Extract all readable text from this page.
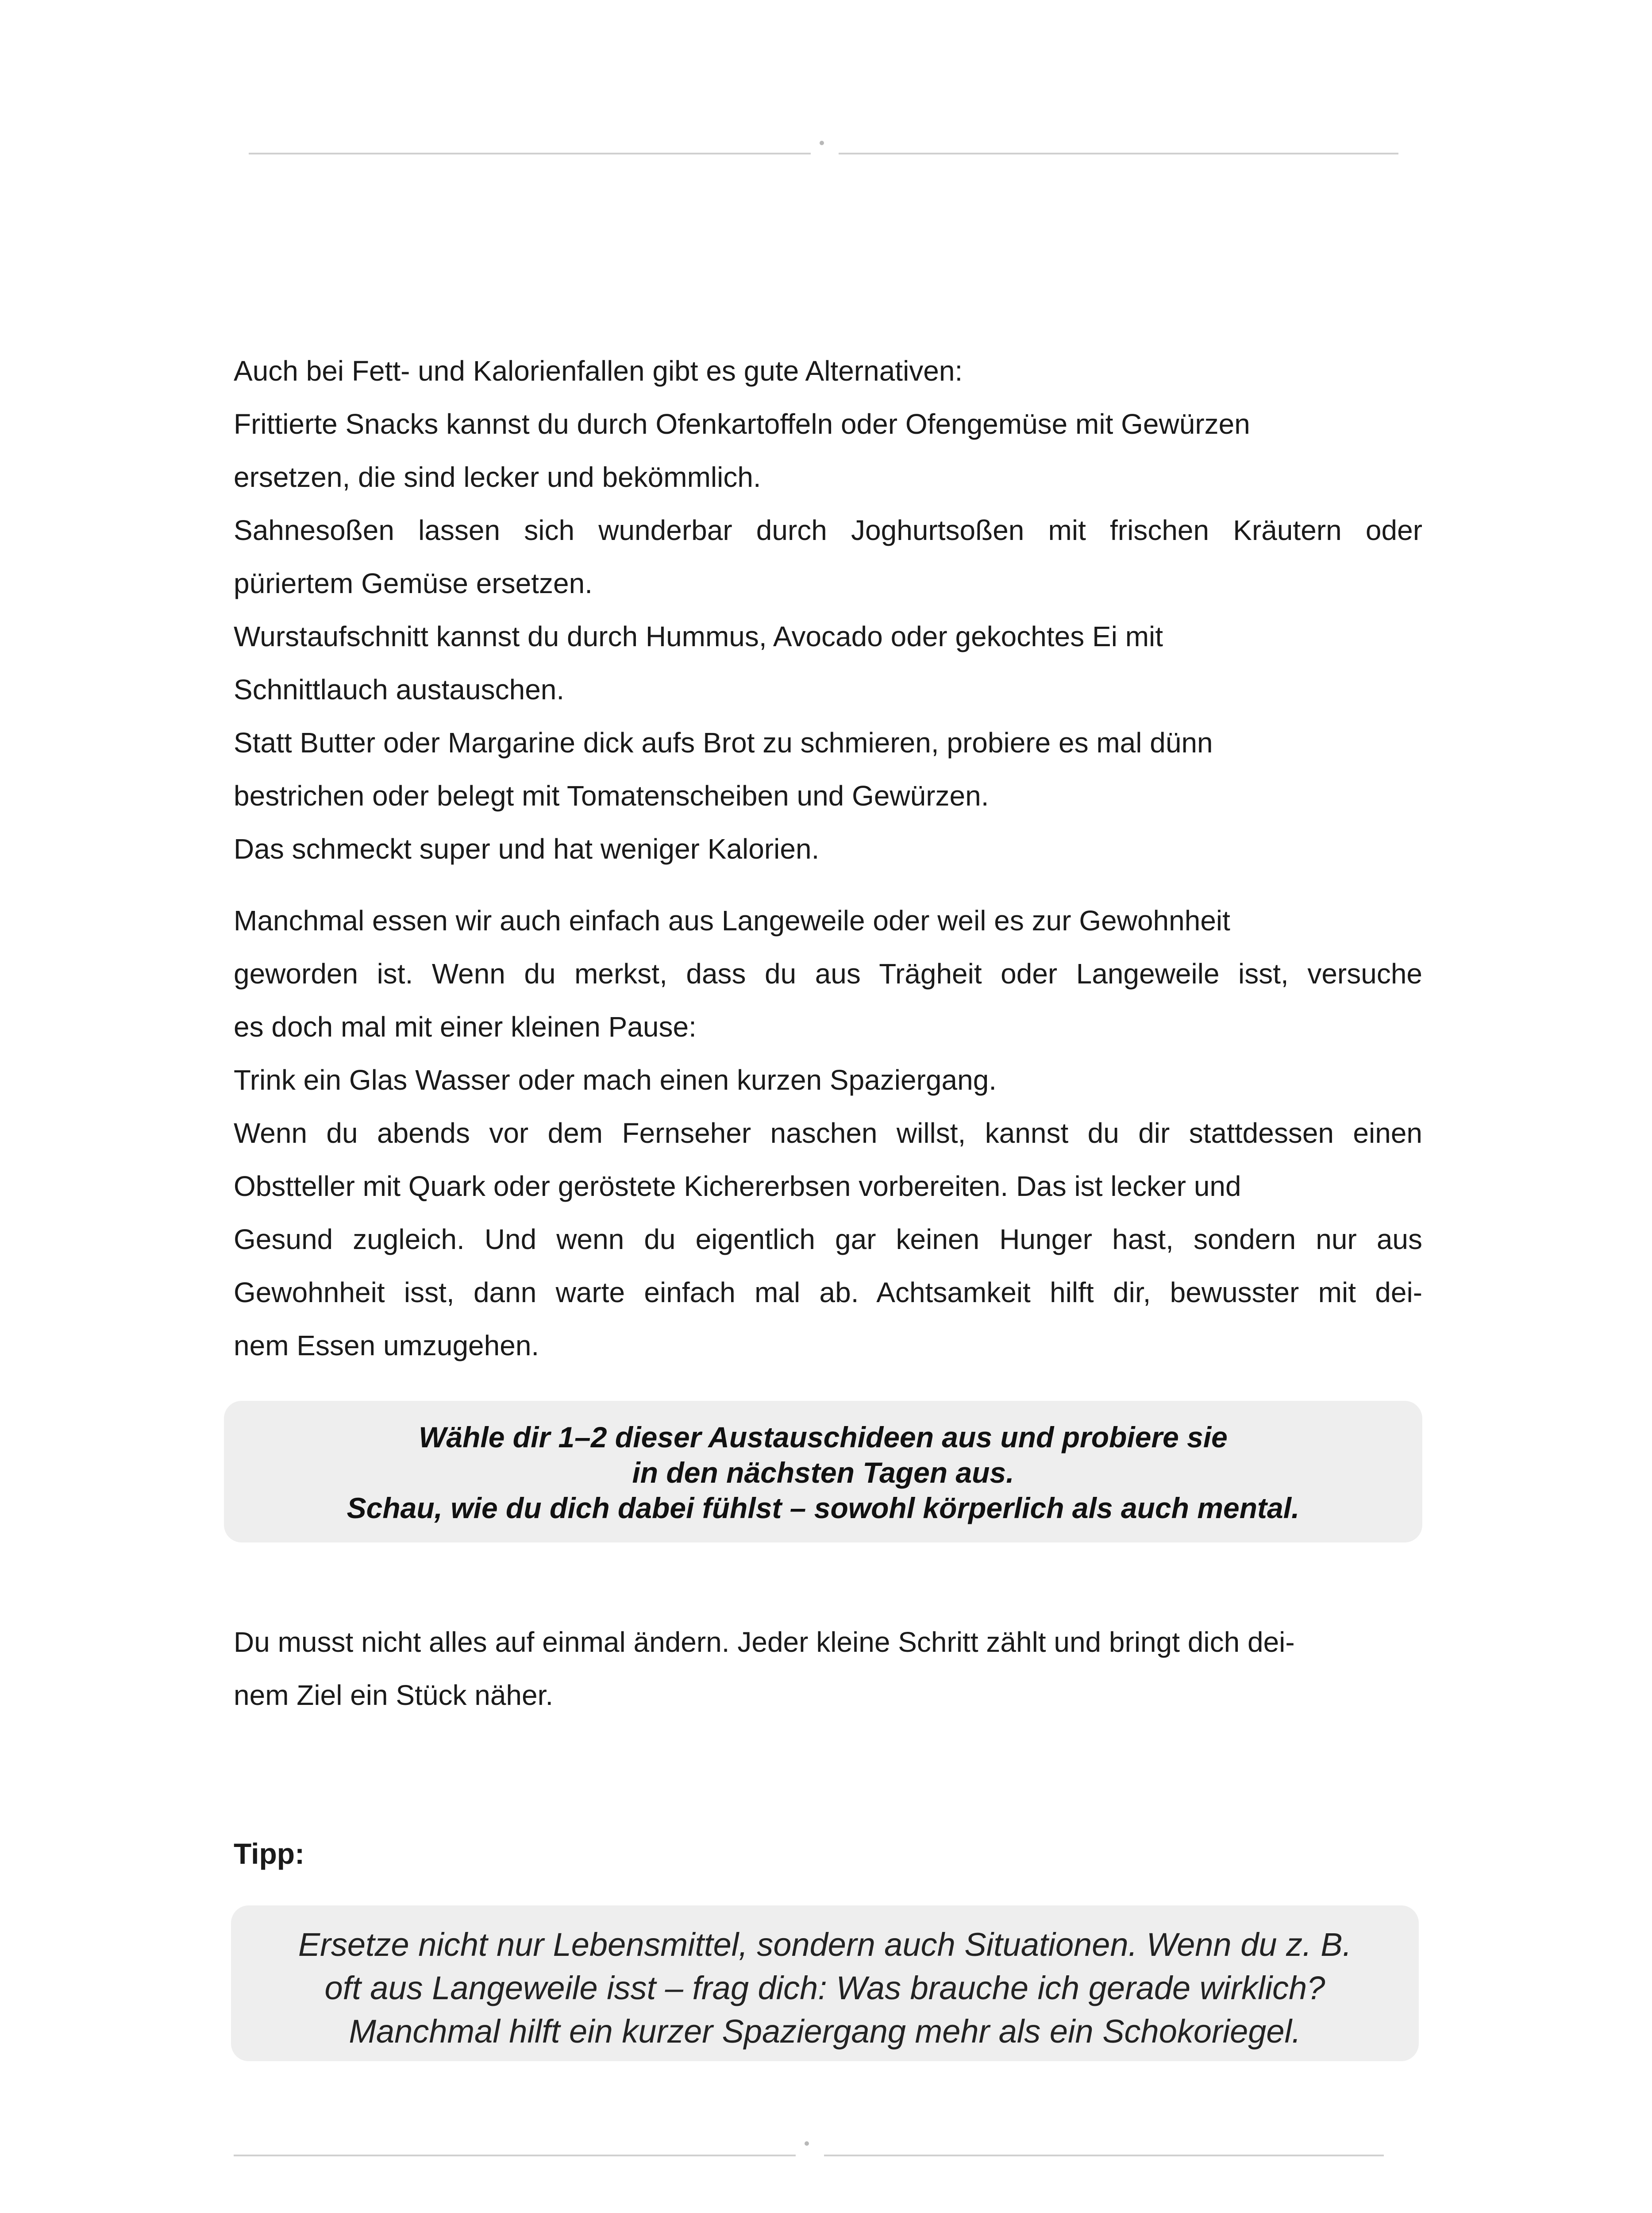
Auch bei Fett- und Kalorienfallen gibt es gute Alternativen:
Frittierte Snacks kannst du durch Ofenkartoffeln oder Ofengemüse mit Gewürzen
ersetzen, die sind lecker und bekömmlich.
Sahnesoßen lassen sich wunderbar durch Joghurtsoßen mit frischen Kräutern oder
püriertem Gemüse ersetzen.
Wurstaufschnitt kannst du durch Hummus, Avocado oder gekochtes Ei mit
Schnittlauch austauschen.
Statt Butter oder Margarine dick aufs Brot zu schmieren, probiere es mal dünn
bestrichen oder belegt mit Tomatenscheiben und Gewürzen.
Das schmeckt super und hat weniger Kalorien.
Manchmal essen wir auch einfach aus Langeweile oder weil es zur Gewohnheit
geworden ist. Wenn du merkst, dass du aus Trägheit oder Langeweile isst, versuche
es doch mal mit einer kleinen Pause:
Trink ein Glas Wasser oder mach einen kurzen Spaziergang.
Wenn du abends vor dem Fernseher naschen willst, kannst du dir stattdessen einen
Obstteller mit Quark oder geröstete Kichererbsen vorbereiten. Das ist lecker und
Gesund zugleich. Und wenn du eigentlich gar keinen Hunger hast, sondern nur aus
Gewohnheit isst, dann warte einfach mal ab. Achtsamkeit hilft dir, bewusster mit dei-
nem Essen umzugehen.
Wähle dir 1–2 dieser Austauschideen aus und probiere sie
in den nächsten Tagen aus.
Schau, wie du dich dabei fühlst – sowohl körperlich als auch mental.
Du musst nicht alles auf einmal ändern. Jeder kleine Schritt zählt und bringt dich dei-
nem Ziel ein Stück näher.

Tipp:

Ersetze nicht nur Lebensmittel, sondern auch Situationen. Wenn du z. B.
oft aus Langeweile isst – frag dich: Was brauche ich gerade wirklich?
Manchmal hilft ein kurzer Spaziergang mehr als ein Schokoriegel.
